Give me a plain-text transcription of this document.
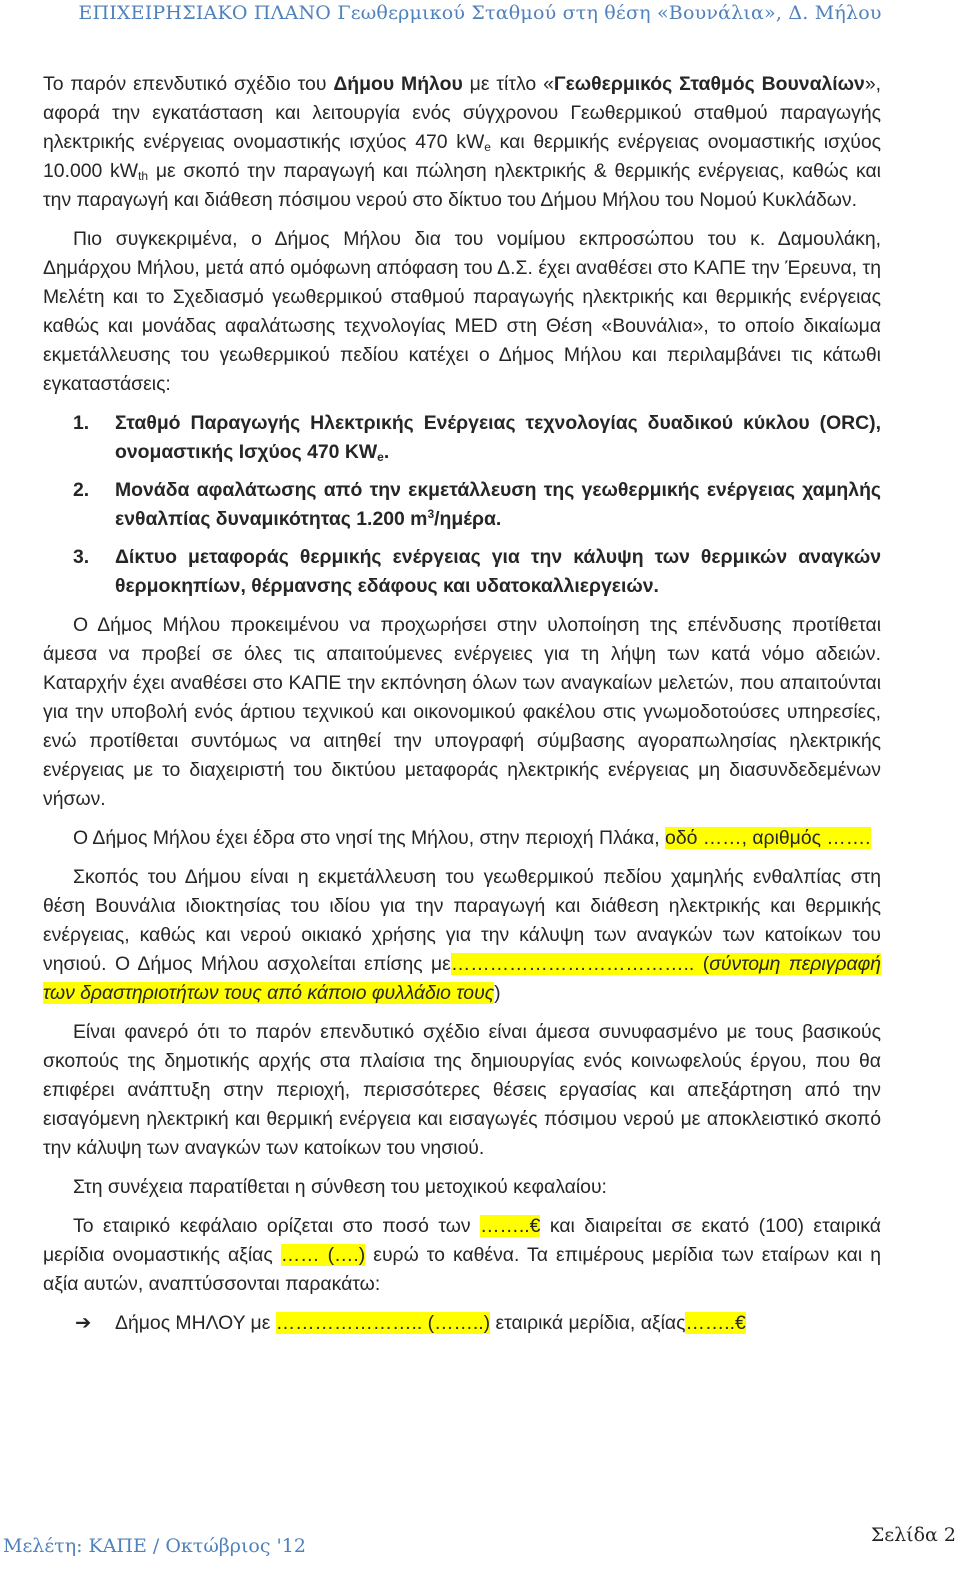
ΕΠΙΧΕΙΡΗΣΙΑΚΟ ΠΛΑΝΟ Γεωθερμικού Σταθμού στη θέση «Βουνάλια», Δ. Μήλου

Το παρόν επενδυτικό σχέδιο του Δήμου Μήλου με τίτλο «Γεωθερμικός Σταθμός Βουναλίων», αφορά την εγκατάσταση και λειτουργία ενός σύγχρονου Γεωθερμικού σταθμού παραγωγής ηλεκτρικής ενέργειας ονομαστικής ισχύος 470 $kW_e$ και θερμικής ενέργειας ονομαστικής ισχύος 10.000 $kW_{th}$ με σκοπό την παραγωγή και πώληση ηλεκτρικής & θερμικής ενέργειας, καθώς και την παραγωγή και διάθεση πόσιμου νερού στο δίκτυο του Δήμου Μήλου του Νομού Κυκλάδων.

Πιο συγκεκριμένα, ο Δήμος Μήλου δια του νομίμου εκπροσώπου του κ. Δαμουλάκη, Δημάρχου Μήλου, μετά από ομόφωνη απόφαση του Δ.Σ. έχει αναθέσει στο ΚΑΠΕ την Έρευνα, τη Μελέτη και το Σχεδιασμό γεωθερμικού σταθμού παραγωγής ηλεκτρικής και θερμικής ενέργειας καθώς και μονάδας αφαλάτωσης τεχνολογίας MED στη Θέση «Βουνάλια», το οποίο δικαίωμα εκμετάλλευσης του γεωθερμικού πεδίου κατέχει ο Δήμος Μήλου και περιλαμβάνει τις κάτωθι εγκαταστάσεις:

1. Σταθμό Παραγωγής Ηλεκτρικής Ενέργειας τεχνολογίας δυαδικού κύκλου (ORC), ονομαστικής Ισχύος 470 $KW_e$.
2. Μονάδα αφαλάτωσης από την εκμετάλλευση της γεωθερμικής ενέργειας χαμηλής ενθαλπίας δυναμικότητας 1.200 $m^3$/ημέρα.
3. Δίκτυο μεταφοράς θερμικής ενέργειας για την κάλυψη των θερμικών αναγκών θερμοκηπίων, θέρμανσης εδάφους και υδατοκαλλιεργειών.

Ο Δήμος Μήλου προκειμένου να προχωρήσει στην υλοποίηση της επένδυσης προτίθεται άμεσα να προβεί σε όλες τις απαιτούμενες ενέργειες για τη λήψη των κατά νόμο αδειών. Καταρχήν έχει αναθέσει στο ΚΑΠΕ την εκπόνηση όλων των αναγκαίων μελετών, που απαιτούνται για την υποβολή ενός άρτιου τεχνικού και οικονομικού φακέλου στις γνωμοδοτούσες υπηρεσίες, ενώ προτίθεται συντόμως να αιτηθεί την υπογραφή σύμβασης αγοραπωλησίας ηλεκτρικής ενέργειας με το διαχειριστή του δικτύου μεταφοράς ηλεκτρικής ενέργειας μη διασυνδεδεμένων νήσων.

Ο Δήμος Μήλου έχει έδρα στο νησί της Μήλου, στην περιοχή Πλάκα, οδό ……, αριθμός …….

Σκοπός του Δήμου είναι η εκμετάλλευση του γεωθερμικού πεδίου χαμηλής ενθαλπίας στη θέση Βουνάλια ιδιοκτησίας του ιδίου για την παραγωγή και διάθεση ηλεκτρικής και θερμικής ενέργειας, καθώς και νερού οικιακό χρήσης για την κάλυψη των αναγκών των κατοίκων του νησιού. Ο Δήμος Μήλου ασχολείται επίσης με……………………………….. (σύντομη περιγραφή των δραστηριοτήτων τους από κάποιο φυλλάδιο τους)

Είναι φανερό ότι το παρόν επενδυτικό σχέδιο είναι άμεσα συνυφασμένο με τους βασικούς σκοπούς της δημοτικής αρχής στα πλαίσια της δημιουργίας ενός κοινωφελούς έργου, που θα επιφέρει ανάπτυξη στην περιοχή, περισσότερες θέσεις εργασίας και απεξάρτηση από την εισαγόμενη ηλεκτρική και θερμική ενέργεια και εισαγωγές πόσιμου νερού με αποκλειστικό σκοπό την κάλυψη των αναγκών των κατοίκων του νησιού.

Στη συνέχεια παρατίθεται η σύνθεση του μετοχικού κεφαλαίου:

Το εταιρικό κεφάλαιο ορίζεται στο ποσό των ……..€ και διαιρείται σε εκατό (100) εταιρικά μερίδια ονομαστικής αξίας …… (….) ευρώ το καθένα. Τα επιμέρους μερίδια των εταίρων και η αξία αυτών, αναπτύσσονται παρακάτω:

➔ Δήμος ΜΗΛΟΥ με ………………….. (……..) εταιρικά μερίδια, αξίας……..€

Μελέτη: ΚΑΠΕ / Οκτώβριος '12	Σελίδα 2
